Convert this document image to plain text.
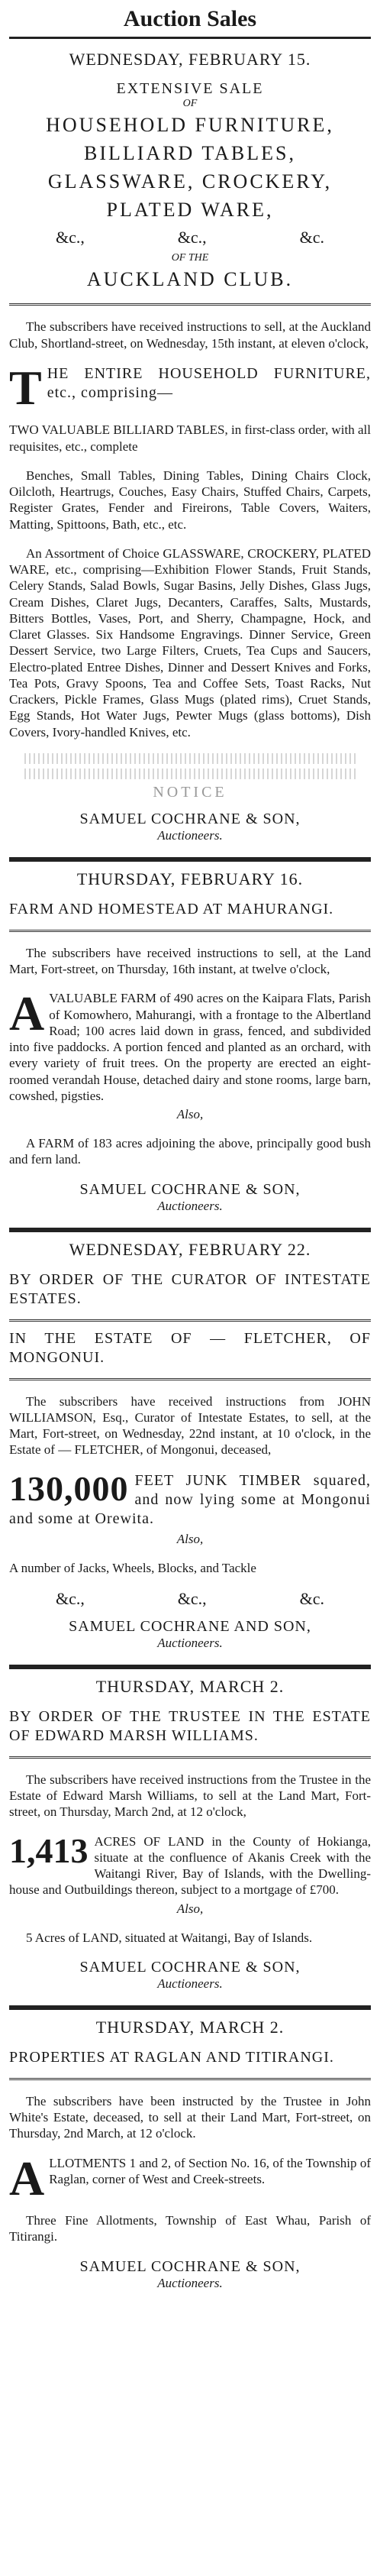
Auction Sales
WEDNESDAY, FEBRUARY 15.
EXTENSIVE SALE
OF
HOUSEHOLD FURNITURE,
BILLIARD TABLES,
GLASSWARE, CROCKERY,
PLATED WARE,
&c.,	&c.,	&c.
OF THE
AUCKLAND CLUB.

The subscribers have received instructions to sell, at the Auckland Club, Shortland-street, on Wednesday, 15th instant, at eleven o'clock,

T HE ENTIRE HOUSEHOLD FURNITURE, etc., comprising—

TWO VALUABLE BILLIARD TABLES, in first-class order, with all requisites, etc., complete

Benches, Small Tables, Dining Tables, Dining Chairs Clock, Oilcloth, Heartrugs, Couches, Easy Chairs, Stuffed Chairs, Carpets, Register Grates, Fender and Fireirons, Table Covers, Waiters, Matting, Spittoons, Bath, etc., etc.

An Assortment of Choice GLASSWARE, CROCKERY, PLATED WARE, etc., comprising—Exhibition Flower Stands, Fruit Stands, Celery Stands, Salad Bowls, Sugar Basins, Jelly Dishes, Glass Jugs, Cream Dishes, Claret Jugs, Decanters, Caraffes, Salts, Mustards, Bitters Bottles, Vases, Port, and Sherry, Champagne, Hock, and Claret Glasses. Six Handsome Engravings. Dinner Service, Green Dessert Service, two Large Filters, Cruets, Tea Cups and Saucers, Electro-plated Entree Dishes, Dinner and Dessert Knives and Forks, Tea Pots, Gravy Spoons, Tea and Coffee Sets, Toast Racks, Nut Crackers, Pickle Frames, Glass Mugs (plated rims), Cruet Stands, Egg Stands, Hot Water Jugs, Pewter Mugs (glass bottoms), Dish Covers, Ivory-handled Knives, etc.

NOTICE
SAMUEL COCHRANE & SON,
Auctioneers.
THURSDAY, FEBRUARY 16.
FARM AND HOMESTEAD AT MAHURANGI.

The subscribers have received instructions to sell, at the Land Mart, Fort-street, on Thursday, 16th instant, at twelve o'clock,

A VALUABLE FARM of 490 acres on the Kaipara Flats, Parish of Komowhero, Mahurangi, with a frontage to the Albertland Road; 100 acres laid down in grass, fenced, and subdivided into five paddocks. A portion fenced and planted as an orchard, with every variety of fruit trees. On the property are erected an eight-roomed verandah House, detached dairy and stone rooms, large barn, cowshed, pigsties.
Also,

A FARM of 183 acres adjoining the above, principally good bush and fern land.

SAMUEL COCHRANE & SON,
Auctioneers.
WEDNESDAY, FEBRUARY 22.
BY ORDER OF THE CURATOR OF INTESTATE ESTATES.
IN THE ESTATE OF — FLETCHER, OF MONGONUI.

The subscribers have received instructions from JOHN WILLIAMSON, Esq., Curator of Intestate Estates, to sell, at the Mart, Fort-street, on Wednesday, 22nd instant, at 10 o'clock, in the Estate of — FLETCHER, of Mongonui, deceased,

130,000 FEET JUNK TIMBER squared, and now lying some at Mongonui and some at Orewita.
Also,

A number of Jacks, Wheels, Blocks, and Tackle

&c.,	&c.,	&c.
SAMUEL COCHRANE AND SON,
Auctioneers.
THURSDAY, MARCH 2.
BY ORDER OF THE TRUSTEE IN THE ESTATE OF EDWARD MARSH WILLIAMS.

The subscribers have received instructions from the Trustee in the Estate of Edward Marsh Williams, to sell at the Land Mart, Fort-street, on Thursday, March 2nd, at 12 o'clock,

1,413 ACRES OF LAND in the County of Hokianga, situate at the confluence of Akanis Creek with the Waitangi River, Bay of Islands, with the Dwelling-house and Outbuildings thereon, subject to a mortgage of £700.
Also,

5 Acres of LAND, situated at Waitangi, Bay of Islands.

SAMUEL COCHRANE & SON,
Auctioneers.
THURSDAY, MARCH 2.
PROPERTIES AT RAGLAN AND TITIRANGI.

The subscribers have been instructed by the Trustee in John White's Estate, deceased, to sell at their Land Mart, Fort-street, on Thursday, 2nd March, at 12 o'clock.

A LLOTMENTS 1 and 2, of Section No. 16, of the Township of Raglan, corner of West and Creek-streets.

Three Fine Allotments, Township of East Whau, Parish of Titirangi.

SAMUEL COCHRANE & SON,
Auctioneers.
